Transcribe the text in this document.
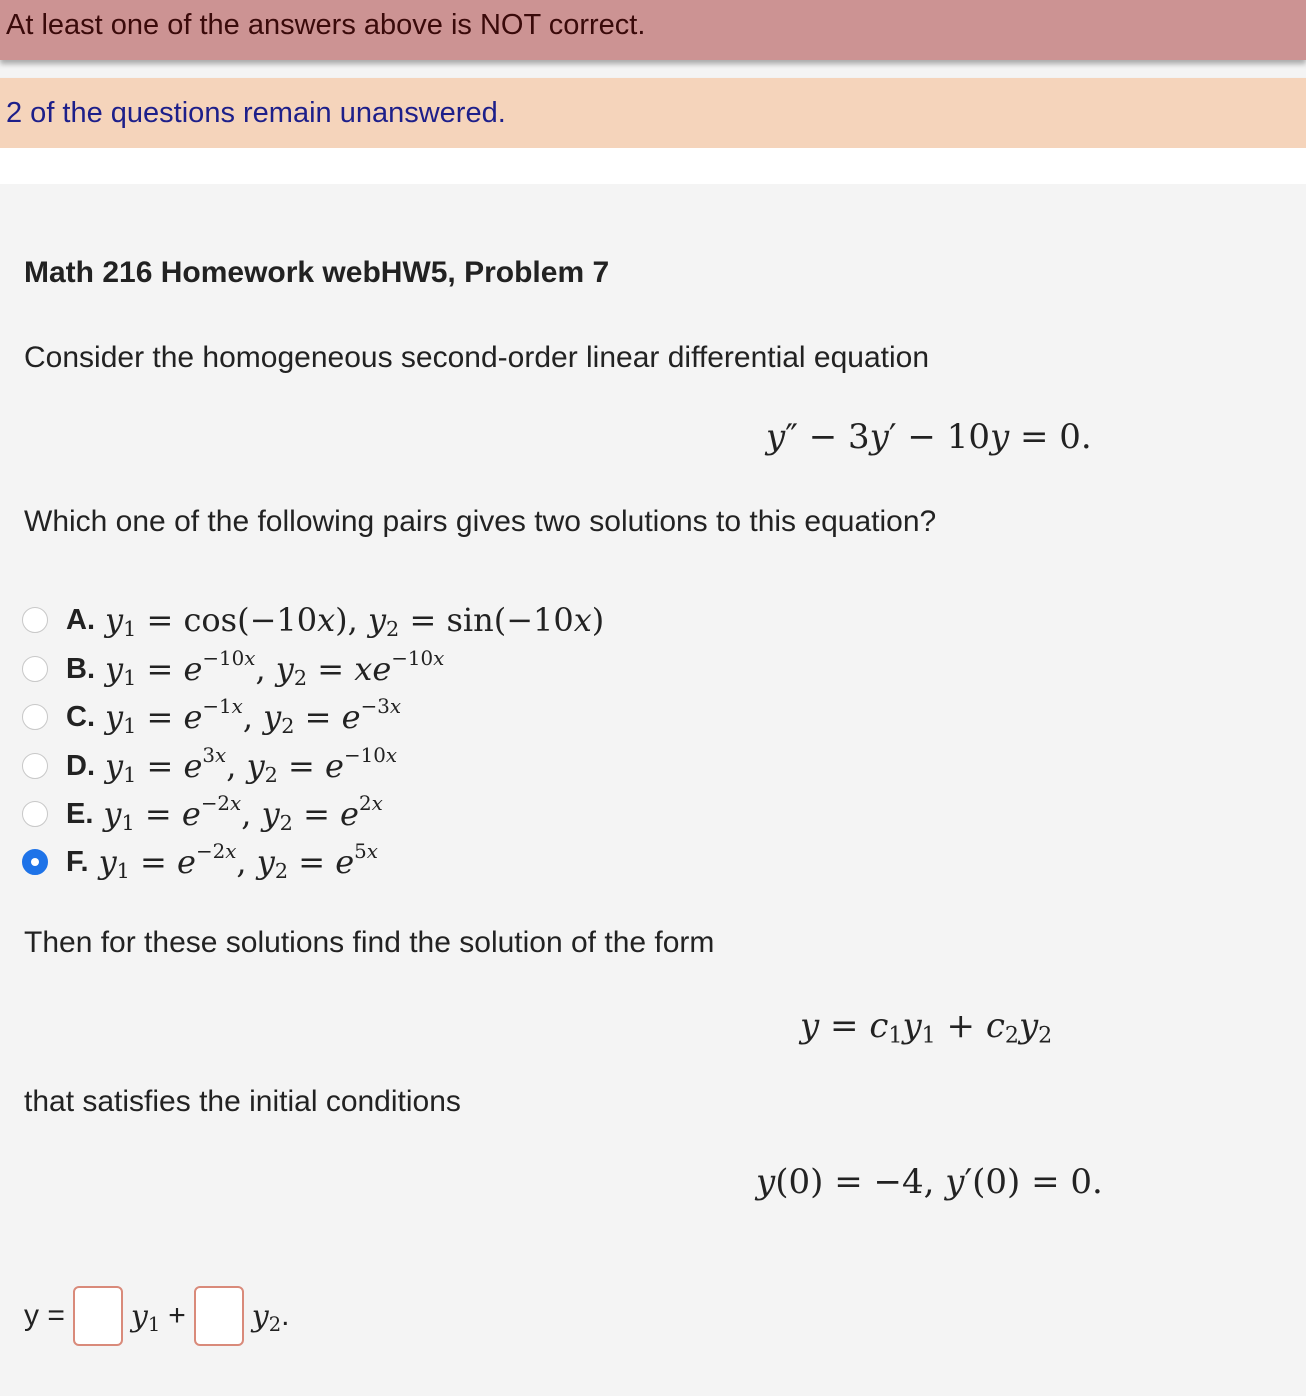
At least one of the answers above is NOT correct.
2 of the questions remain unanswered.
Math 216 Homework webHW5, Problem 7
Consider the homogeneous second-order linear differential equation
y″ − 3y′ − 10y = 0.
Which one of the following pairs gives two solutions to this equation?
A. $y_1 = \cos(-10x)$, $y_2 = \sin(-10x)$
B. $y_1 = e^{-10x}$, $y_2 = xe^{-10x}$
C. $y_1 = e^{-1x}$, $y_2 = e^{-3x}$
D. $y_1 = e^{3x}$, $y_2 = e^{-10x}$
E. $y_1 = e^{-2x}$, $y_2 = e^{2x}$
F. $y_1 = e^{-2x}$, $y_2 = e^{5x}$
Then for these solutions find the solution of the form
$y = c_1y_1 + c_2y_2$
that satisfies the initial conditions
y(0) = −4, y′(0) = 0.
$y = y_1 + y_2$ .
